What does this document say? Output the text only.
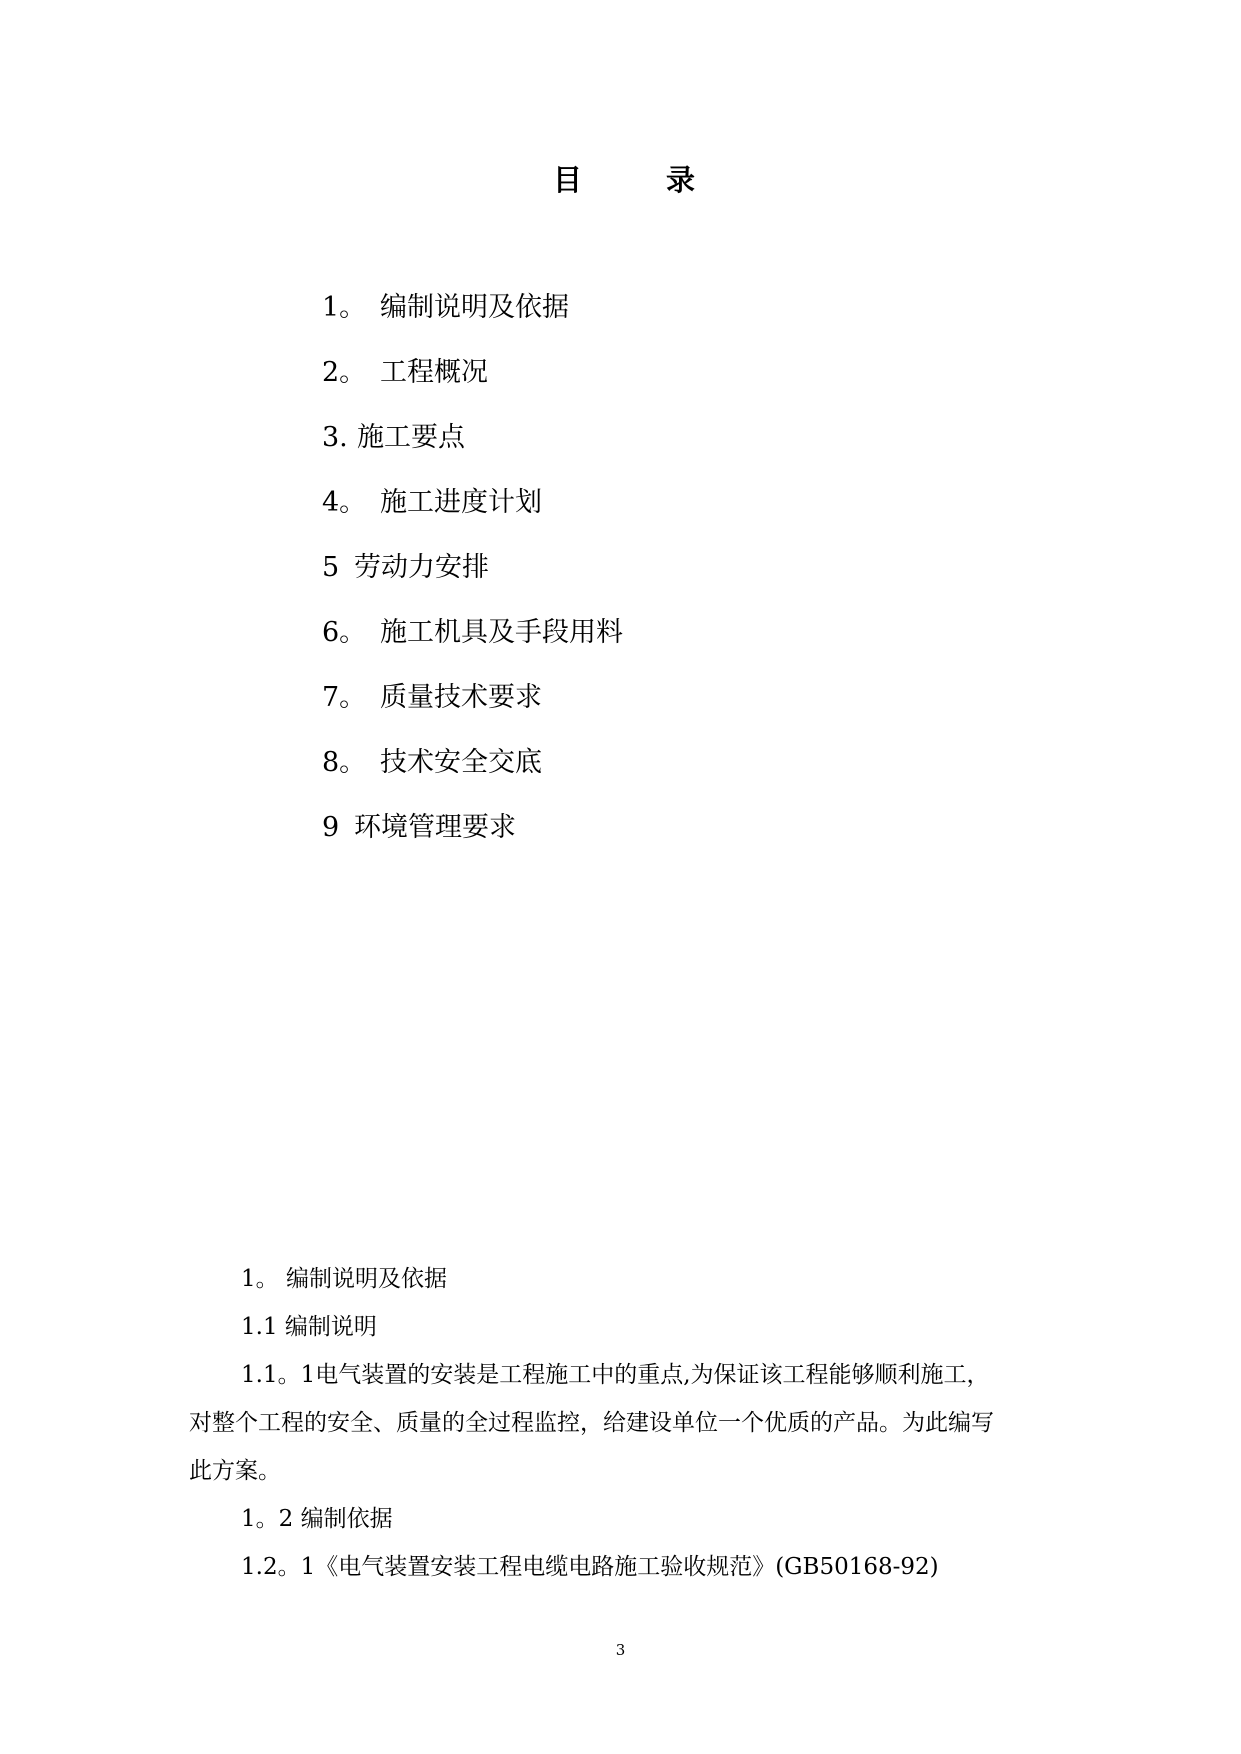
目	录
1。 编制说明及依据
2。 工程概况
3. 施工要点
4。 施工进度计划
5 劳动力安排
6。 施工机具及手段用料
7。 质量技术要求
8。 技术安全交底
9 环境管理要求
1。 编制说明及依据
1.1 编制说明
1.1。1电气装置的安装是工程施工中的重点,为保证该工程能够顺利施工，
对整个工程的安全、质量的全过程监控，给建设单位一个优质的产品。为此编写
此方案。
1。2 编制依据
1.2。1《电气装置安装工程电缆电路施工验收规范》(GB50168-92)
3
